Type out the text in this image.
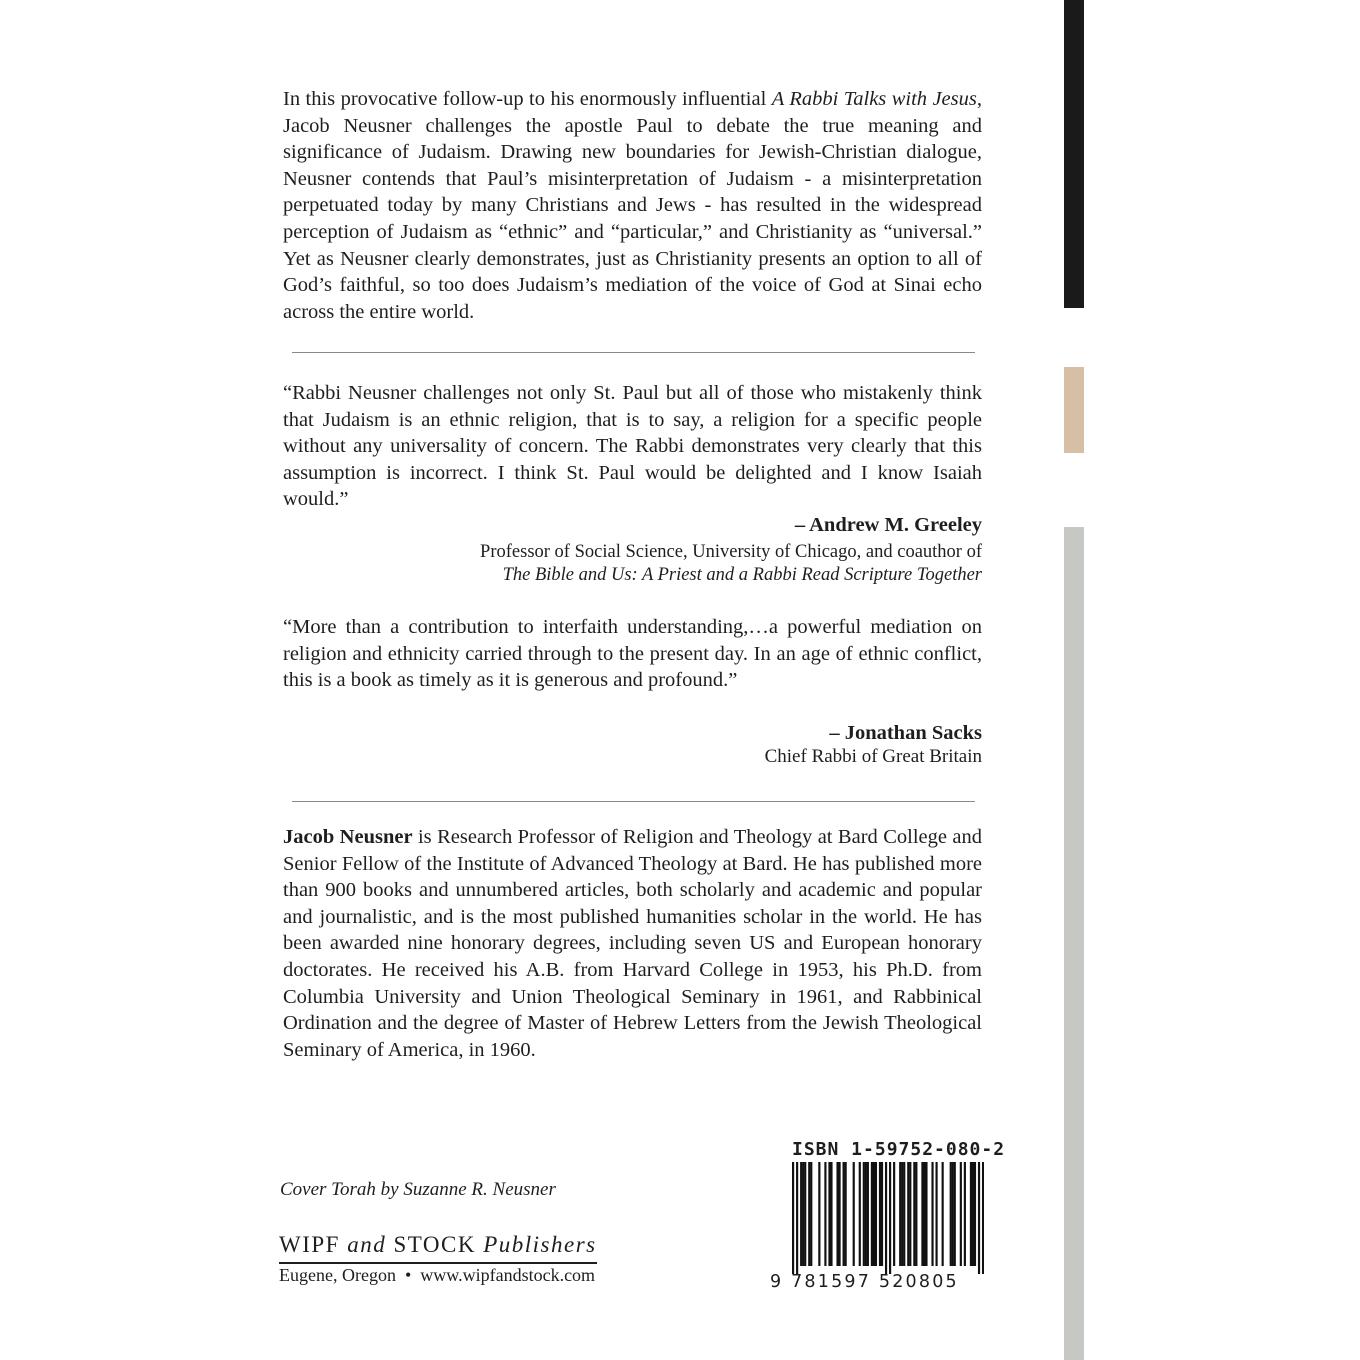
In this provocative follow-up to his enormously influential A Rabbi Talks with Jesus, Jacob Neusner challenges the apostle Paul to debate the true meaning and significance of Judaism. Drawing new boundaries for Jewish-Christian dialogue, Neusner contends that Paul’s misinterpretation of Judaism - a misinterpretation perpetuated today by many Christians and Jews - has resulted in the widespread perception of Judaism as “ethnic” and “particular,” and Christianity as “universal.” Yet as Neusner clearly demonstrates, just as Christianity presents an option to all of God’s faithful, so too does Judaism’s mediation of the voice of God at Sinai echo across the entire world.
“Rabbi Neusner challenges not only St. Paul but all of those who mistakenly think that Judaism is an ethnic religion, that is to say, a religion for a specific people without any universality of concern. The Rabbi demonstrates very clearly that this assumption is incorrect. I think St. Paul would be delighted and I know Isaiah would.”
– Andrew M. Greeley
Professor of Social Science, University of Chicago, and coauthor of
The Bible and Us: A Priest and a Rabbi Read Scripture Together
“More than a contribution to interfaith understanding,…a powerful mediation on religion and ethnicity carried through to the present day. In an age of ethnic conflict, this is a book as timely as it is generous and profound.”
– Jonathan Sacks
Chief Rabbi of Great Britain
Jacob Neusner is Research Professor of Religion and Theology at Bard College and Senior Fellow of the Institute of Advanced Theology at Bard. He has published more than 900 books and unnumbered articles, both scholarly and academic and popular and journalistic, and is the most published humanities scholar in the world. He has been awarded nine honorary degrees, including seven US and European honorary doctorates. He received his A.B. from Harvard College in 1953, his Ph.D. from Columbia University and Union Theological Seminary in 1961, and Rabbinical Ordination and the degree of Master of Hebrew Letters from the Jewish Theological Seminary of America, in 1960.
Cover Torah by Suzanne R. Neusner
WIPF and STOCK Publishers
Eugene, Oregon  •  www.wipfandstock.com
ISBN 1-59752-080-2
9 781597 520805
